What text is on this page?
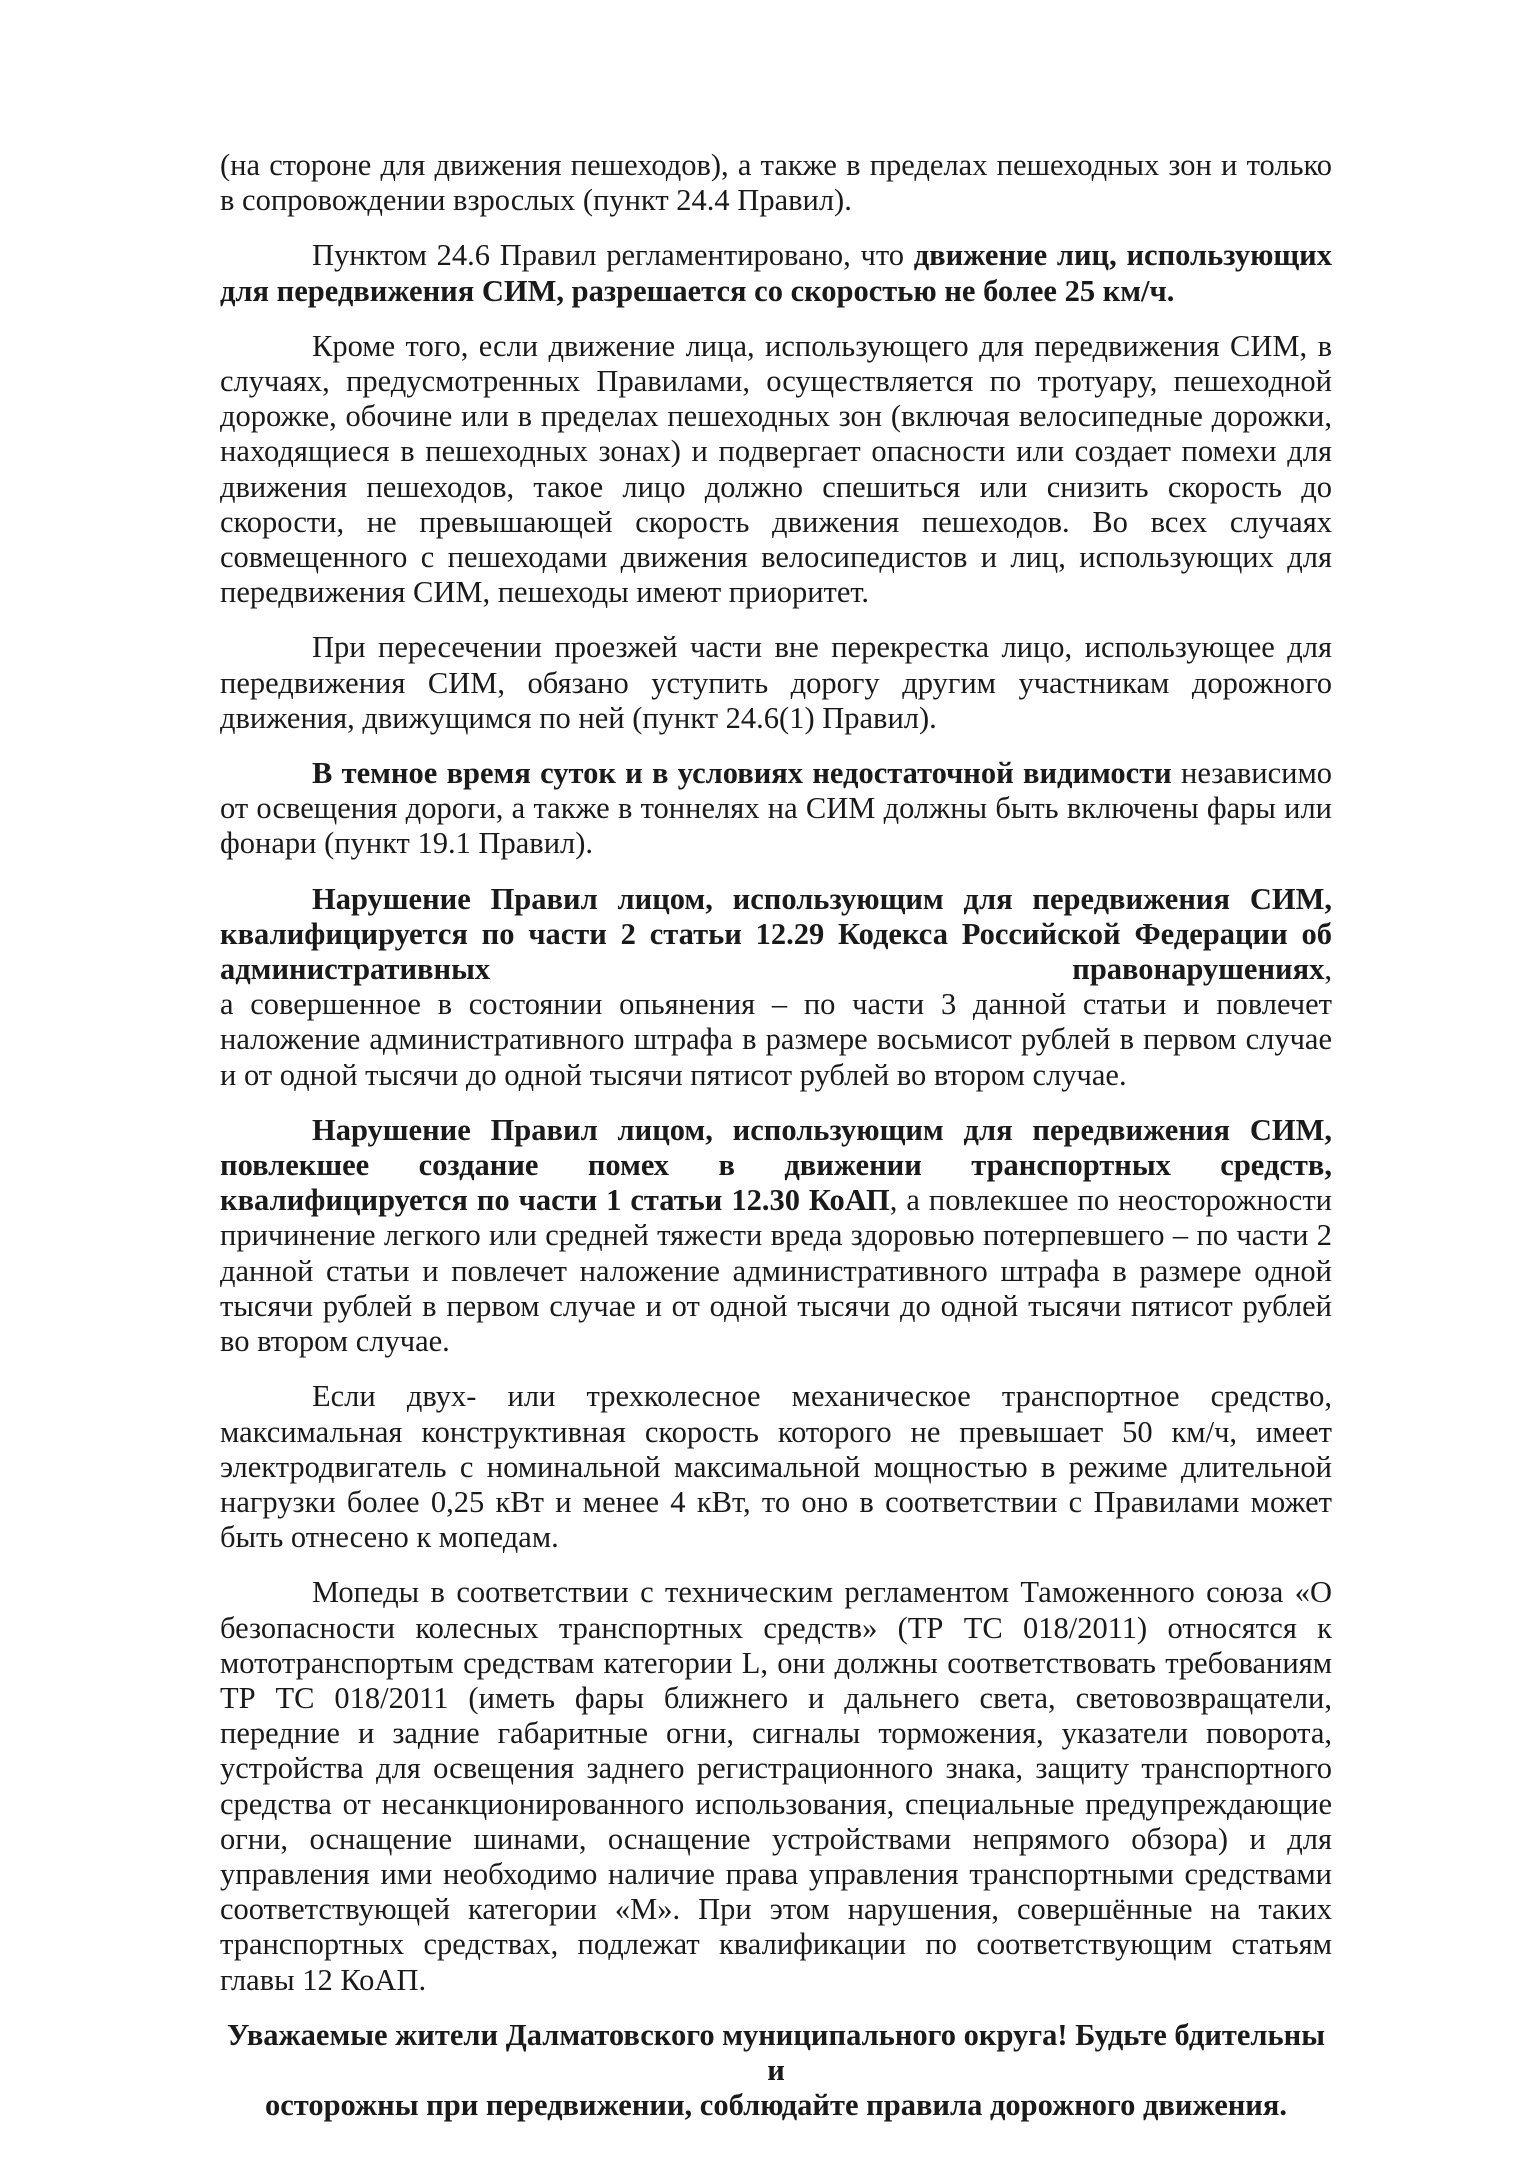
(на стороне для движения пешеходов), а также в пределах пешеходных зон и только в сопровождении взрослых (пункт 24.4 Правил).

Пунктом 24.6 Правил регламентировано, что движение лиц, использующих для передвижения СИМ, разрешается со скоростью не более 25 км/ч.

Кроме того, если движение лица, использующего для передвижения СИМ, в случаях, предусмотренных Правилами, осуществляется по тротуару, пешеходной дорожке, обочине или в пределах пешеходных зон (включая велосипедные дорожки, находящиеся в пешеходных зонах) и подвергает опасности или создает помехи для движения пешеходов, такое лицо должно спешиться или снизить скорость до скорости, не превышающей скорость движения пешеходов. Во всех случаях совмещенного с пешеходами движения велосипедистов и лиц, использующих для передвижения СИМ, пешеходы имеют приоритет.

При пересечении проезжей части вне перекрестка лицо, использующее для передвижения СИМ, обязано уступить дорогу другим участникам дорожного движения, движущимся по ней (пункт 24.6(1) Правил).

В темное время суток и в условиях недостаточной видимости независимо от освещения дороги, а также в тоннелях на СИМ должны быть включены фары или фонари (пункт 19.1 Правил).

Нарушение Правил лицом, использующим для передвижения СИМ, квалифицируется по части 2 статьи 12.29 Кодекса Российской Федерации об административных правонарушениях,

а совершенное в состоянии опьянения – по части 3 данной статьи и повлечет наложение административного штрафа в размере восьмисот рублей в первом случае и от одной тысячи до одной тысячи пятисот рублей во втором случае.

Нарушение Правил лицом, использующим для передвижения СИМ, повлекшее создание помех в движении транспортных средств, квалифицируется по части 1 статьи 12.30 КоАП, а повлекшее по неосторожности причинение легкого или средней тяжести вреда здоровью потерпевшего – по части 2 данной статьи и повлечет наложение административного штрафа в размере одной тысячи рублей в первом случае и от одной тысячи до одной тысячи пятисот рублей во втором случае.

Если двух- или трехколесное механическое транспортное средство, максимальная конструктивная скорость которого не превышает 50 км/ч, имеет электродвигатель с номинальной максимальной мощностью в режиме длительной нагрузки более 0,25 кВт и менее 4 кВт, то оно в соответствии с Правилами может быть отнесено к мопедам.

Мопеды в соответствии с техническим регламентом Таможенного союза «О безопасности колесных транспортных средств» (ТР ТС 018/2011) относятся к мототранспортым средствам категории L, они должны соответствовать требованиям ТР ТС 018/2011 (иметь фары ближнего и дальнего света, световозвращатели, передние и задние габаритные огни, сигналы торможения, указатели поворота, устройства для освещения заднего регистрационного знака, защиту транспортного средства от несанкционированного использования, специальные предупреждающие огни, оснащение шинами, оснащение устройствами непрямого обзора) и для управления ими необходимо наличие права управления транспортными средствами соответствующей категории «М». При этом нарушения, совершённые на таких транспортных средствах, подлежат квалификации по соответствующим статьям главы 12 КоАП.

Уважаемые жители Далматовского муниципального округа! Будьте бдительны и
осторожны при передвижении, соблюдайте правила дорожного движения.
